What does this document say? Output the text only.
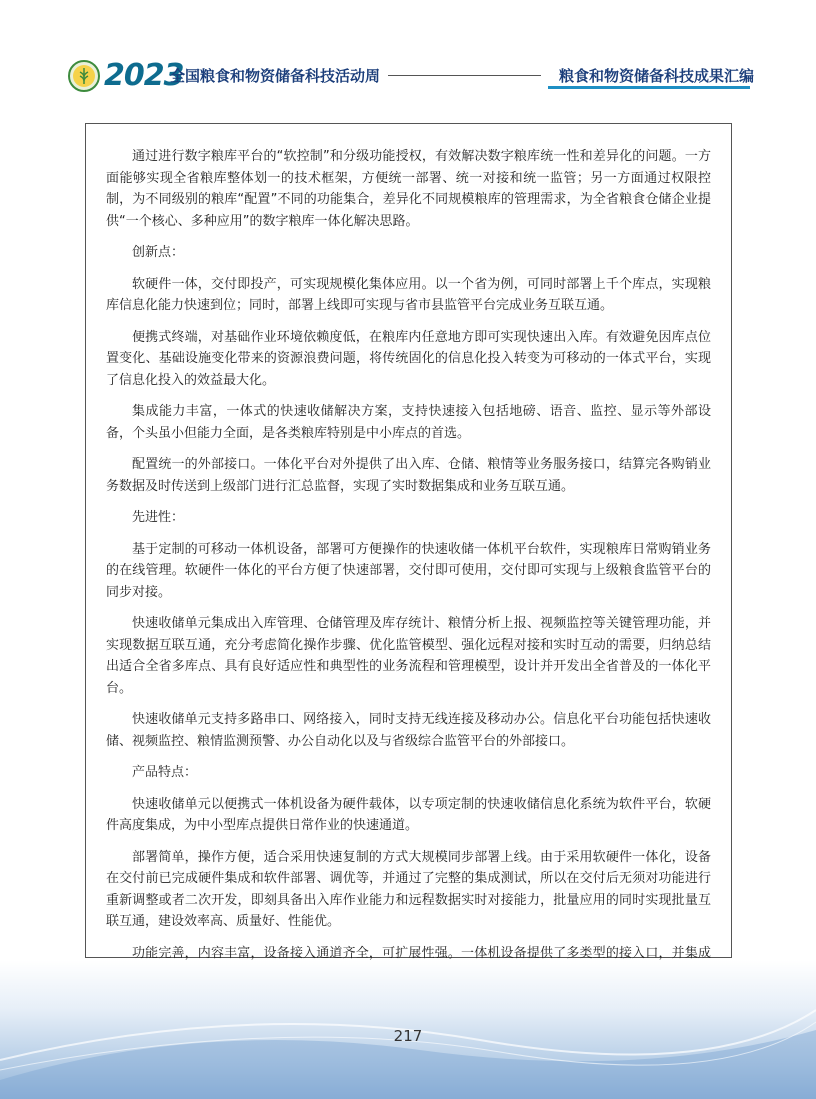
2023
全国粮食和物资储备科技活动周	粮食和物资储备科技成果汇编

通过进行数字粮库平台的“软控制”和分级功能授权，有效解决数字粮库统一性和差异化的问题。一方面能够实现全省粮库整体划一的技术框架，方便统一部署、统一对接和统一监管；另一方面通过权限控制，为不同级别的粮库“配置”不同的功能集合，差异化不同规模粮库的管理需求，为全省粮食仓储企业提供“一个核心、多种应用”的数字粮库一体化解决思路。

创新点：

软硬件一体，交付即投产，可实现规模化集体应用。以一个省为例，可同时部署上千个库点，实现粮库信息化能力快速到位；同时，部署上线即可实现与省市县监管平台完成业务互联互通。

便携式终端，对基础作业环境依赖度低，在粮库内任意地方即可实现快速出入库。有效避免因库点位置变化、基础设施变化带来的资源浪费问题，将传统固化的信息化投入转变为可移动的一体式平台，实现了信息化投入的效益最大化。

集成能力丰富，一体式的快速收储解决方案，支持快速接入包括地磅、语音、监控、显示等外部设备，个头虽小但能力全面，是各类粮库特别是中小库点的首选。

配置统一的外部接口。一体化平台对外提供了出入库、仓储、粮情等业务服务接口，结算完各购销业务数据及时传送到上级部门进行汇总监督，实现了实时数据集成和业务互联互通。

先进性：

基于定制的可移动一体机设备，部署可方便操作的快速收储一体机平台软件，实现粮库日常购销业务的在线管理。软硬件一体化的平台方便了快速部署，交付即可使用，交付即可实现与上级粮食监管平台的同步对接。

快速收储单元集成出入库管理、仓储管理及库存统计、粮情分析上报、视频监控等关键管理功能，并实现数据互联互通，充分考虑简化操作步骤、优化监管模型、强化远程对接和实时互动的需要，归纳总结出适合全省多库点、具有良好适应性和典型性的业务流程和管理模型，设计并开发出全省普及的一体化平台。

快速收储单元支持多路串口、网络接入，同时支持无线连接及移动办公。信息化平台功能包括快速收储、视频监控、粮情监测预警、办公自动化以及与省级综合监管平台的外部接口。

产品特点：

快速收储单元以便携式一体机设备为硬件载体，以专项定制的快速收储信息化系统为软件平台，软硬件高度集成，为中小型库点提供日常作业的快速通道。

部署简单，操作方便，适合采用快速复制的方式大规模同步部署上线。由于采用软硬件一体化，设备在交付前已完成硬件集成和软件部署、调优等，并通过了完整的集成测试，所以在交付后无须对功能进行重新调整或者二次开发，即刻具备出入库作业能力和远程数据实时对接能力，批量应用的同时实现批量互联互通，建设效率高、质量好、性能优。

功能完善，内容丰富，设备接入通道齐全，可扩展性强。一体机设备提供了多类型的接入口，并集成

217
